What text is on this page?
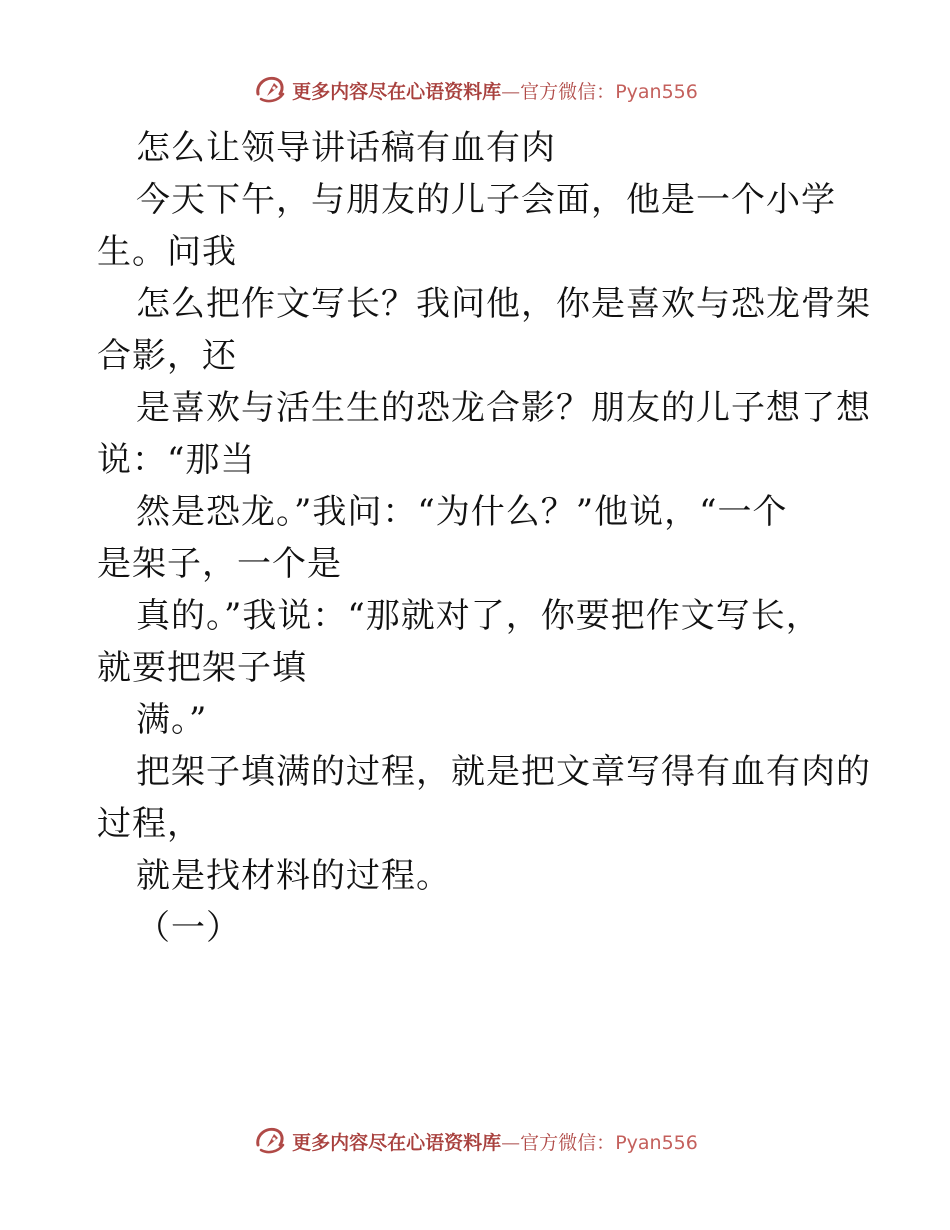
更多内容尽在心语资料库—官方微信：Pyan556
怎么让领导讲话稿有血有肉
今天下午，与朋友的儿子会面，他是一个小学
生。问我
怎么把作文写长？我问他，你是喜欢与恐龙骨架
合影，还
是喜欢与活生生的恐龙合影？朋友的儿子想了想
说：“那当
然是恐龙。”我问：“为什么？”他说，“一个
是架子，一个是
真的。”我说：“那就对了，你要把作文写长，
就要把架子填
满。”
把架子填满的过程，就是把文章写得有血有肉的
过程，
就是找材料的过程。
（一）
更多内容尽在心语资料库—官方微信：Pyan556
